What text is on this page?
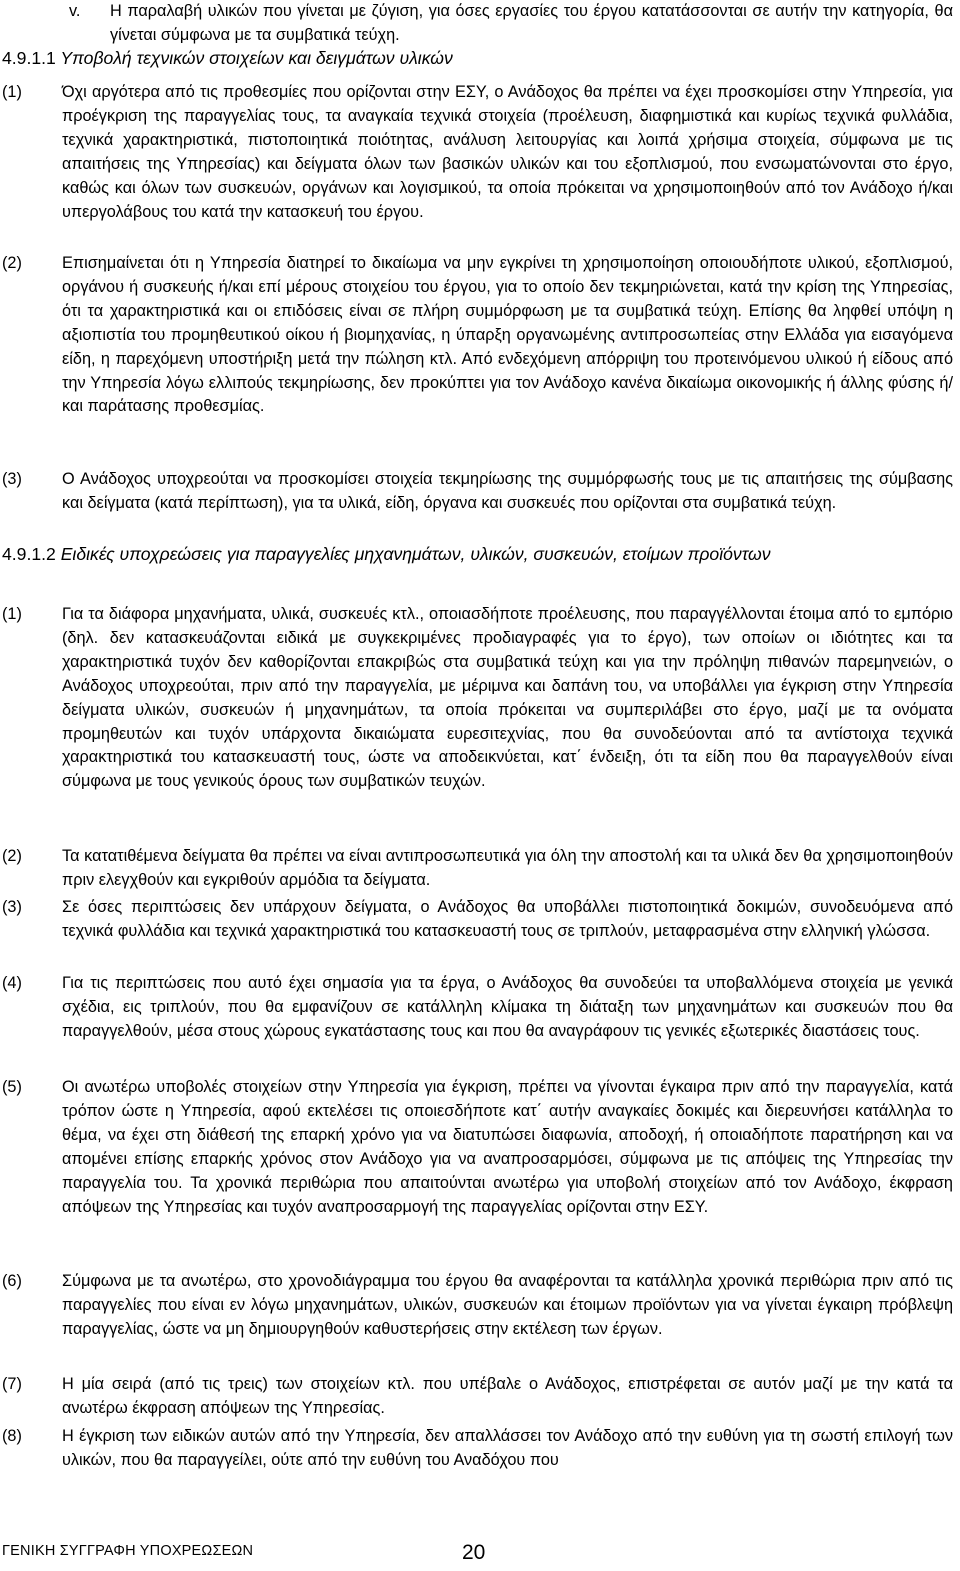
v. Η παραλαβή υλικών που γίνεται με ζύγιση, για όσες εργασίες του έργου κατατάσσονται σε αυτήν την κατηγορία, θα γίνεται σύμφωνα με τα συμβατικά τεύχη.
4.9.1.1 Υποβολή τεχνικών στοιχείων και δειγμάτων υλικών
(1) Όχι αργότερα από τις προθεσμίες που ορίζονται στην ΕΣΥ, ο Ανάδοχος θα πρέπει να έχει προσκομίσει στην Υπηρεσία, για προέγκριση της παραγγελίας τους, τα αναγκαία τεχνικά στοιχεία (προέλευση, διαφημιστικά και κυρίως τεχνικά φυλλάδια, τεχνικά χαρακτηριστικά, πιστοποιητικά ποιότητας, ανάλυση λειτουργίας και λοιπά χρήσιμα στοιχεία, σύμφωνα με τις απαιτήσεις της Υπηρεσίας) και δείγματα όλων των βασικών υλικών και του εξοπλισμού, που ενσωματώνονται στο έργο, καθώς και όλων των συσκευών, οργάνων και λογισμικού, τα οποία πρόκειται να χρησιμοποιηθούν από τον Ανάδοχο ή/και υπεργολάβους του κατά την κατασκευή του έργου.
(2) Επισημαίνεται ότι η Υπηρεσία διατηρεί το δικαίωμα να μην εγκρίνει τη χρησιμοποίηση οποιουδήποτε υλικού, εξοπλισμού, οργάνου ή συσκευής ή/και επί μέρους στοιχείου του έργου, για το οποίο δεν τεκμηριώνεται, κατά την κρίση της Υπηρεσίας, ότι τα χαρακτηριστικά και οι επιδόσεις είναι σε πλήρη συμμόρφωση με τα συμβατικά τεύχη. Επίσης θα ληφθεί υπόψη η αξιοπιστία του προμηθευτικού οίκου ή βιομηχανίας, η ύπαρξη οργανωμένης αντιπροσωπείας στην Ελλάδα για εισαγόμενα είδη, η παρεχόμενη υποστήριξη μετά την πώληση κτλ. Από ενδεχόμενη απόρριψη του προτεινόμενου υλικού ή είδους από την Υπηρεσία λόγω ελλιπούς τεκμηρίωσης, δεν προκύπτει για τον Ανάδοχο κανένα δικαίωμα οικονομικής ή άλλης φύσης ή/και παράτασης προθεσμίας.
(3) Ο Ανάδοχος υποχρεούται να προσκομίσει στοιχεία τεκμηρίωσης της συμμόρφωσής τους με τις απαιτήσεις της σύμβασης και δείγματα (κατά περίπτωση), για τα υλικά, είδη, όργανα και συσκευές που ορίζονται στα συμβατικά τεύχη.
4.9.1.2 Ειδικές υποχρεώσεις για παραγγελίες μηχανημάτων, υλικών, συσκευών, ετοίμων προϊόντων
(1) Για τα διάφορα μηχανήματα, υλικά, συσκευές κτλ., οποιασδήποτε προέλευσης, που παραγγέλλονται έτοιμα από το εμπόριο (δηλ. δεν κατασκευάζονται ειδικά με συγκεκριμένες προδιαγραφές για το έργο), των οποίων οι ιδιότητες και τα χαρακτηριστικά τυχόν δεν καθορίζονται επακριβώς στα συμβατικά τεύχη και για την πρόληψη πιθανών παρεμηνειών, ο Ανάδοχος υποχρεούται, πριν από την παραγγελία, με μέριμνα και δαπάνη του, να υποβάλλει για έγκριση στην Υπηρεσία δείγματα υλικών, συσκευών ή μηχανημάτων, τα οποία πρόκειται να συμπεριλάβει στο έργο, μαζί με τα ονόματα προμηθευτών και τυχόν υπάρχοντα δικαιώματα ευρεσιτεχνίας, που θα συνοδεύονται από τα αντίστοιχα τεχνικά χαρακτηριστικά του κατασκευαστή τους, ώστε να αποδεικνύεται, κατ΄ ένδειξη, ότι τα είδη που θα παραγγελθούν είναι σύμφωνα με τους γενικούς όρους των συμβατικών τευχών.
(2) Τα κατατιθέμενα δείγματα θα πρέπει να είναι αντιπροσωπευτικά για όλη την αποστολή και τα υλικά δεν θα χρησιμοποιηθούν πριν ελεγχθούν και εγκριθούν αρμόδια τα δείγματα.
(3) Σε όσες περιπτώσεις δεν υπάρχουν δείγματα, ο Ανάδοχος θα υποβάλλει πιστοποιητικά δοκιμών, συνοδευόμενα από τεχνικά φυλλάδια και τεχνικά χαρακτηριστικά του κατασκευαστή τους σε τριπλούν, μεταφρασμένα στην ελληνική γλώσσα.
(4) Για τις περιπτώσεις που αυτό έχει σημασία για τα έργα, ο Ανάδοχος θα συνοδεύει τα υποβαλλόμενα στοιχεία με γενικά σχέδια, εις τριπλούν, που θα εμφανίζουν σε κατάλληλη κλίμακα τη διάταξη των μηχανημάτων και συσκευών που θα παραγγελθούν, μέσα στους χώρους εγκατάστασης τους και που θα αναγράφουν τις γενικές εξωτερικές διαστάσεις τους.
(5) Οι ανωτέρω υποβολές στοιχείων στην Υπηρεσία για έγκριση, πρέπει να γίνονται έγκαιρα πριν από την παραγγελία, κατά τρόπον ώστε η Υπηρεσία, αφού εκτελέσει τις οποιεσδήποτε κατ΄ αυτήν αναγκαίες δοκιμές και διερευνήσει κατάλληλα το θέμα, να έχει στη διάθεσή της επαρκή χρόνο για να διατυπώσει διαφωνία, αποδοχή, ή οποιαδήποτε παρατήρηση και να απομένει επίσης επαρκής χρόνος στον Ανάδοχο για να αναπροσαρμόσει, σύμφωνα με τις απόψεις της Υπηρεσίας την παραγγελία του. Τα χρονικά περιθώρια που απαιτούνται ανωτέρω για υποβολή στοιχείων από τον Ανάδοχο, έκφραση απόψεων της Υπηρεσίας και τυχόν αναπροσαρμογή της παραγγελίας ορίζονται στην ΕΣΥ.
(6) Σύμφωνα με τα ανωτέρω, στο χρονοδιάγραμμα του έργου θα αναφέρονται τα κατάλληλα χρονικά περιθώρια πριν από τις παραγγελίες που είναι εν λόγω μηχανημάτων, υλικών, συσκευών και έτοιμων προϊόντων για να γίνεται έγκαιρη πρόβλεψη παραγγελίας, ώστε να μη δημιουργηθούν καθυστερήσεις στην εκτέλεση των έργων.
(7) Η μία σειρά (από τις τρεις) των στοιχείων κτλ. που υπέβαλε ο Ανάδοχος, επιστρέφεται σε αυτόν μαζί με την κατά τα ανωτέρω έκφραση απόψεων της Υπηρεσίας.
(8) Η έγκριση των ειδικών αυτών από την Υπηρεσία, δεν απαλλάσσει τον Ανάδοχο από την ευθύνη για τη σωστή επιλογή των υλικών, που θα παραγγείλει, ούτε από την ευθύνη του Αναδόχου που
ΓΕΝΙΚΗ ΣΥΓΓΡΑΦΗ ΥΠΟΧΡΕΩΣΕΩΝ	20
